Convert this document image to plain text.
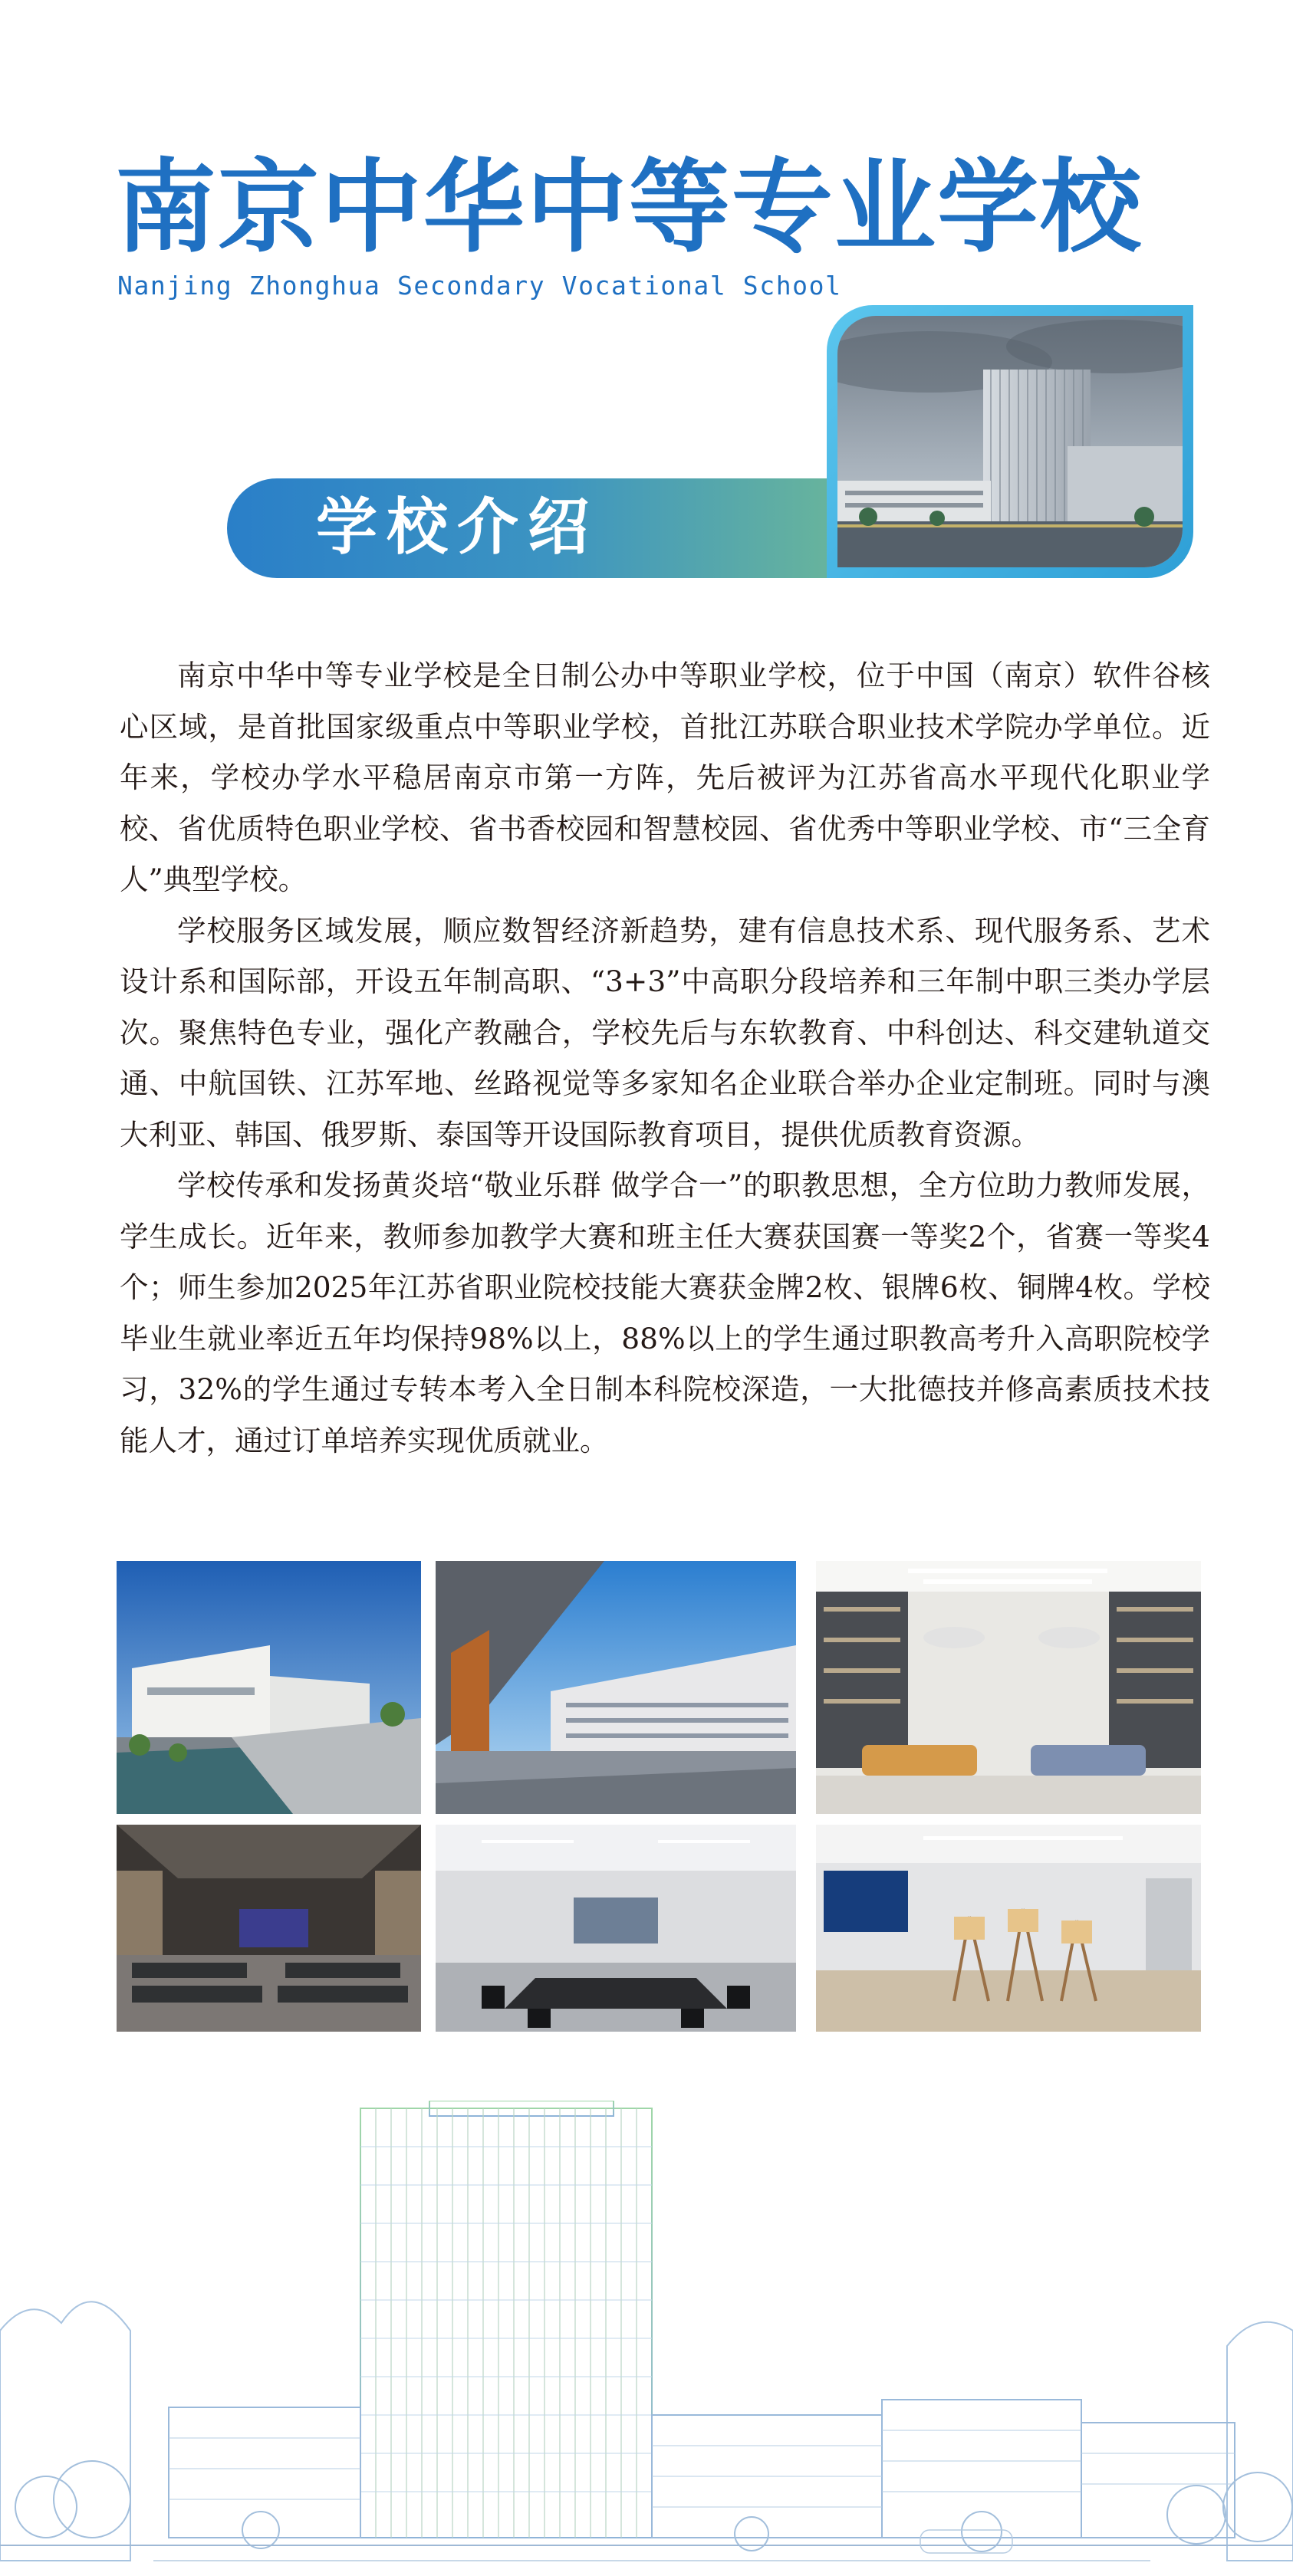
南京中华中等专业学校
Nanjing Zhonghua Secondary Vocational School
学校介绍

南京中华中等专业学校是全日制公办中等职业学校，位于中国（南京）软件谷核心区域，是首批国家级重点中等职业学校，首批江苏联合职业技术学院办学单位。近年来，学校办学水平稳居南京市第一方阵，先后被评为江苏省高水平现代化职业学校、省优质特色职业学校、省书香校园和智慧校园、省优秀中等职业学校、市“三全育人”典型学校。

学校服务区域发展，顺应数智经济新趋势，建有信息技术系、现代服务系、艺术设计系和国际部，开设五年制高职、“3+3”中高职分段培养和三年制中职三类办学层次。聚焦特色专业，强化产教融合，学校先后与东软教育、中科创达、科交建轨道交通、中航国铁、江苏军地、丝路视觉等多家知名企业联合举办企业定制班。同时与澳大利亚、韩国、俄罗斯、泰国等开设国际教育项目，提供优质教育资源。

学校传承和发扬黄炎培“敬业乐群 做学合一”的职教思想，全方位助力教师发展，学生成长。近年来，教师参加教学大赛和班主任大赛获国赛一等奖2个，省赛一等奖4个；师生参加2025年江苏省职业院校技能大赛获金牌2枚、银牌6枚、铜牌4枚。学校毕业生就业率近五年均保持98%以上，88%以上的学生通过职教高考升入高职院校学习，32%的学生通过专转本考入全日制本科院校深造，一大批德技并修高素质技术技能人才，通过订单培养实现优质就业。
